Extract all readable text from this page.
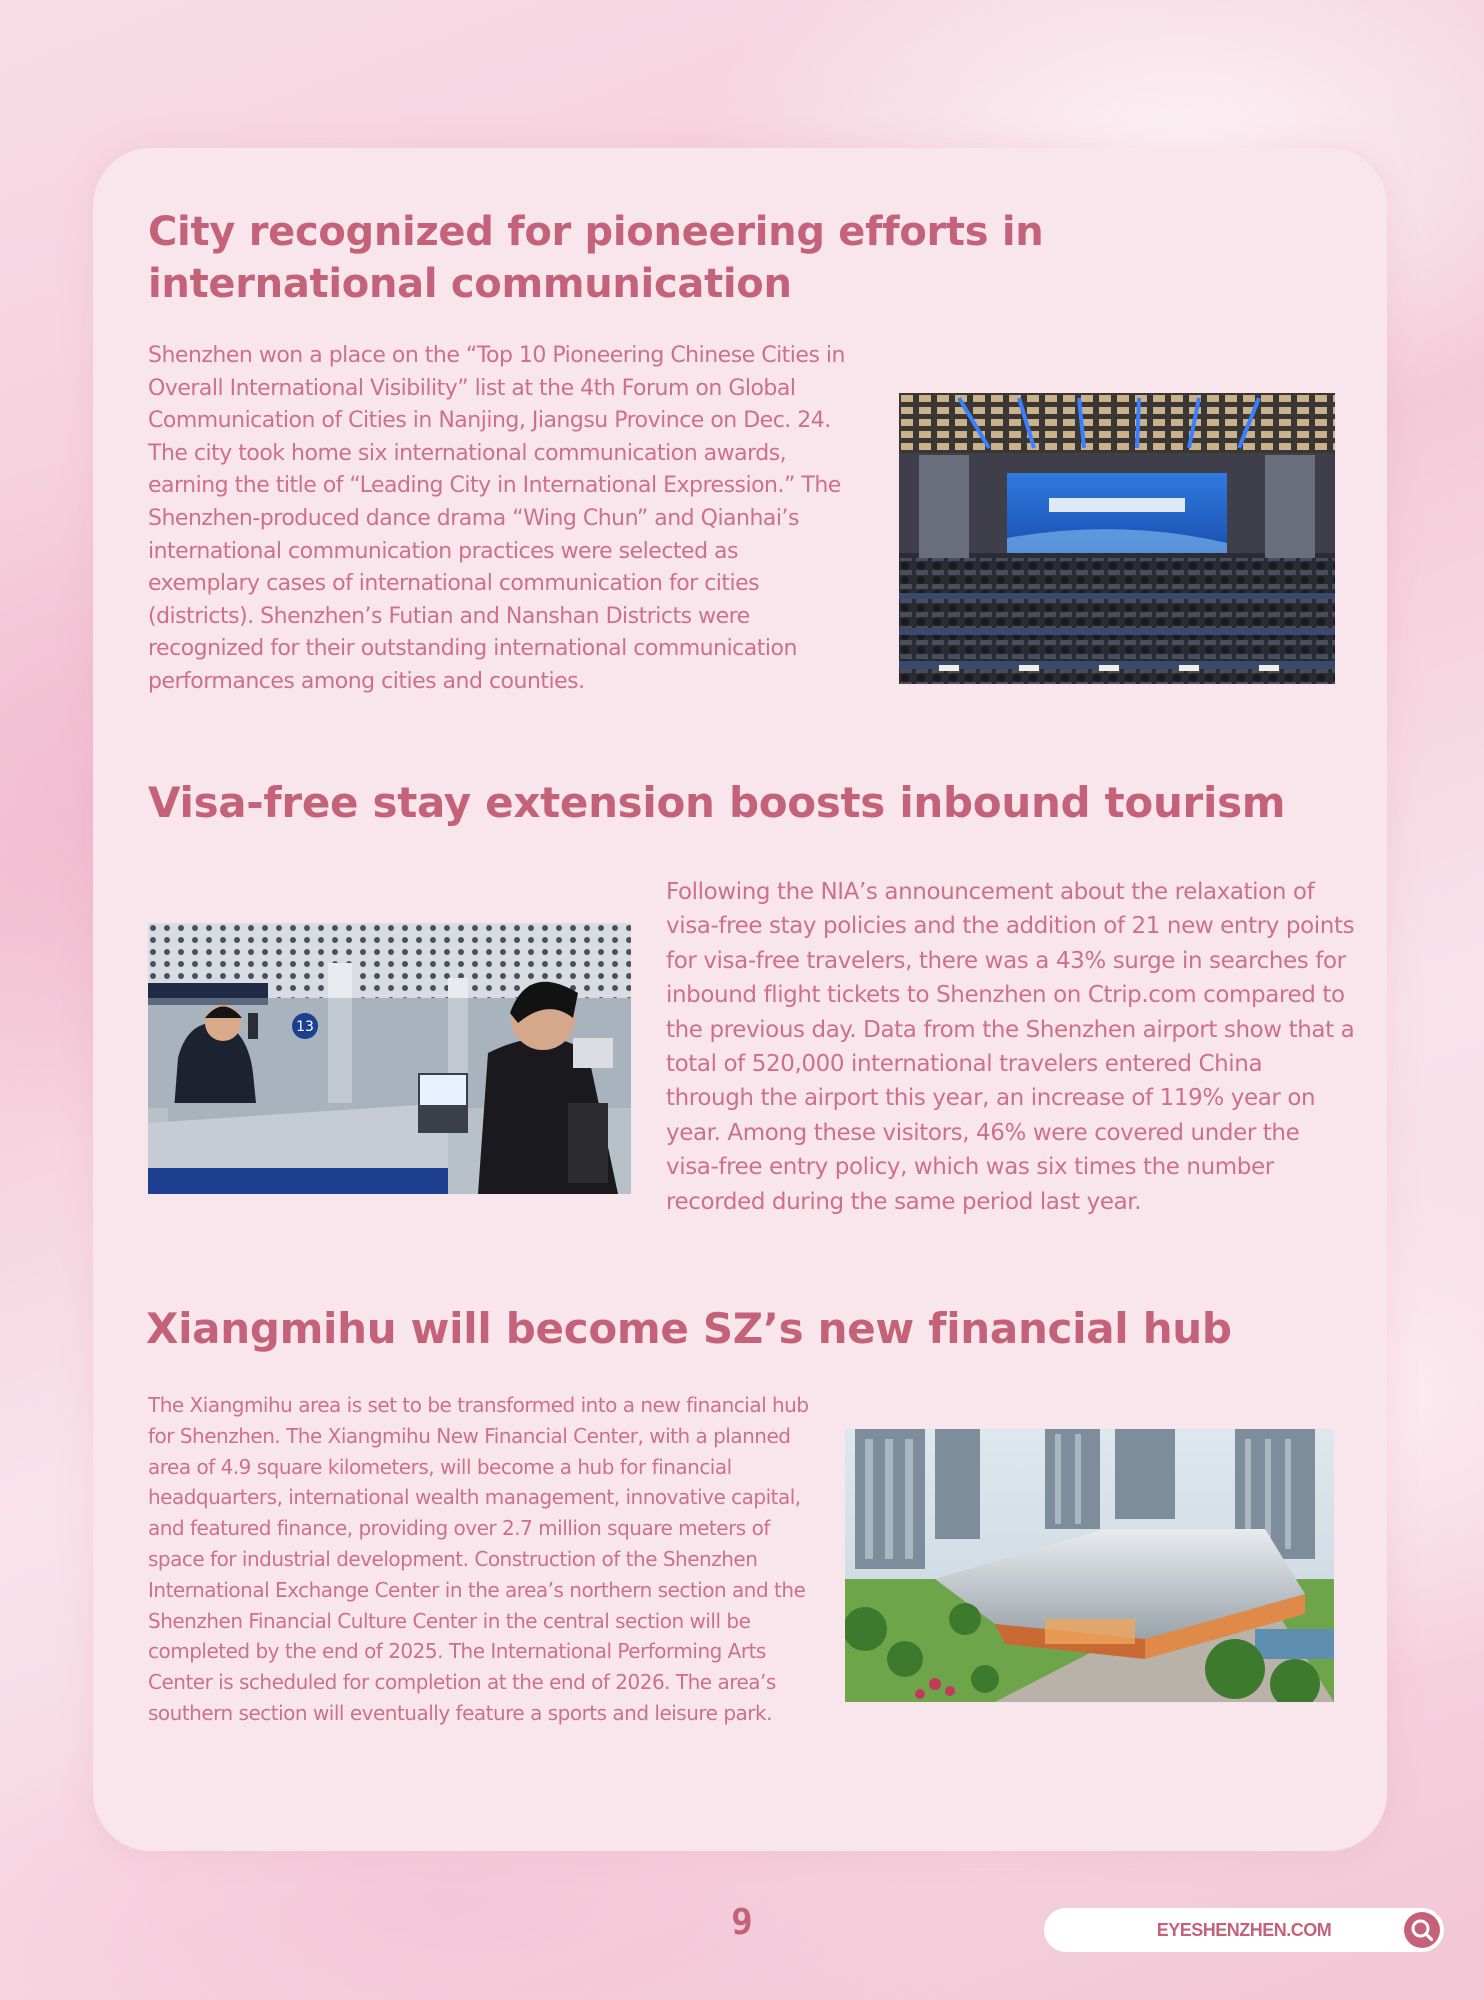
City recognized for pioneering efforts in international communication

Shenzhen won a place on the “Top 10 Pioneering Chinese Cities in Overall International Visibility” list at the 4th Forum on Global Communication of Cities in Nanjing, Jiangsu Province on Dec. 24. The city took home six international communication awards, earning the title of “Leading City in International Expression.” The Shenzhen-produced dance drama “Wing Chun” and Qianhai’s international communication practices were selected as exemplary cases of international communication for cities (districts). Shenzhen’s Futian and Nanshan Districts were recognized for their outstanding international communication performances among cities and counties.

Visa-free stay extension boosts inbound tourism
13

Following the NIA’s announcement about the relaxation of visa-free stay policies and the addition of 21 new entry points for visa-free travelers, there was a 43% surge in searches for inbound flight tickets to Shenzhen on Ctrip.com compared to the previous day. Data from the Shenzhen airport show that a total of 520,000 international travelers entered China through the airport this year, an increase of 119% year on year. Among these visitors, 46% were covered under the visa-free entry policy, which was six times the number recorded during the same period last year.

Xiangmihu will become SZ’s new financial hub

The Xiangmihu area is set to be transformed into a new financial hub for Shenzhen. The Xiangmihu New Financial Center, with a planned area of 4.9 square kilometers, will become a hub for financial headquarters, international wealth management, innovative capital, and featured finance, providing over 2.7 million square meters of space for industrial development. Construction of the Shenzhen International Exchange Center in the area’s northern section and the Shenzhen Financial Culture Center in the central section will be completed by the end of 2025. The International Performing Arts Center is scheduled for completion at the end of 2026. The area’s southern section will eventually feature a sports and leisure park.

9	EYESHENZHEN.COM
